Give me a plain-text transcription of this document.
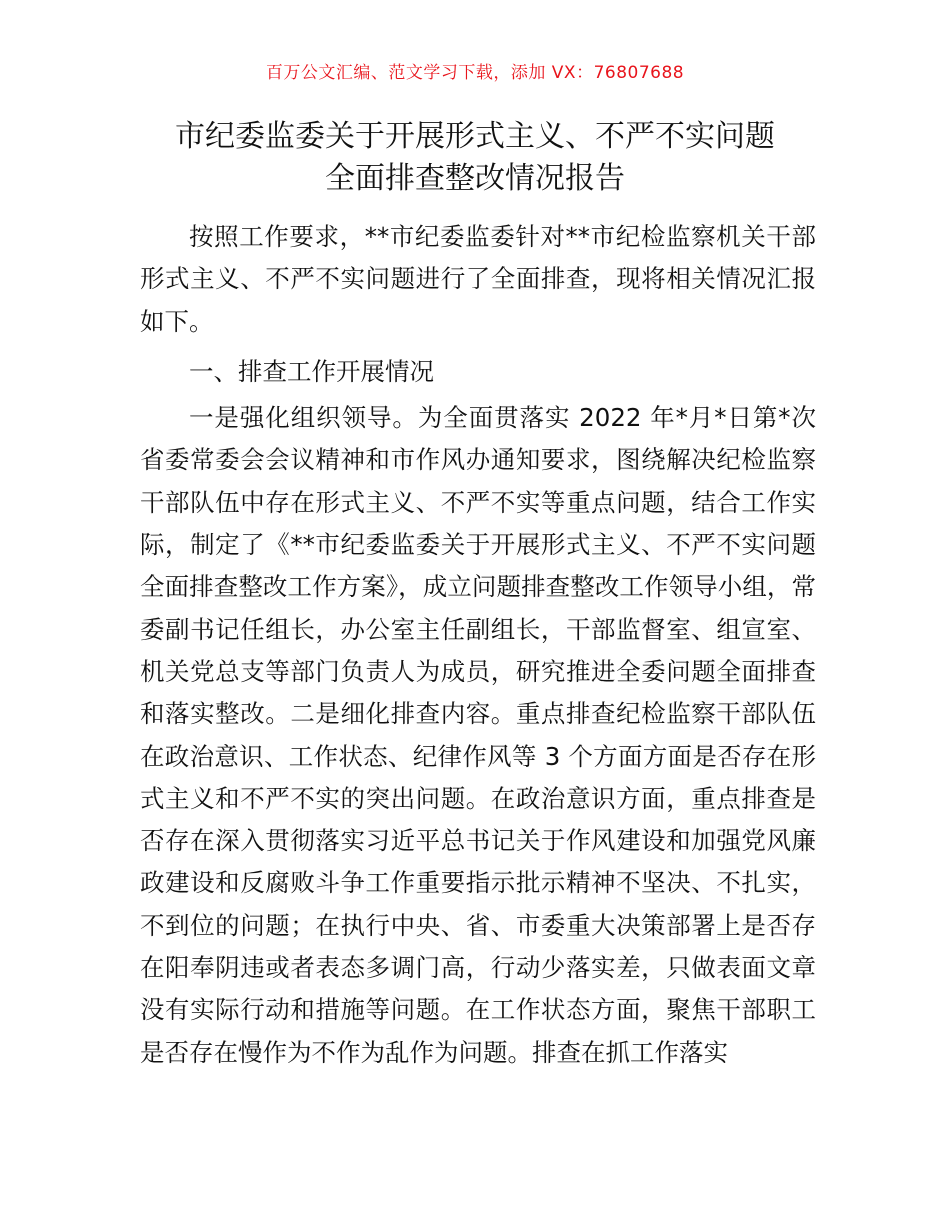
百万公文汇编、范文学习下载，添加 VX：76807688
市纪委监委关于开展形式主义、不严不实问题
全面排查整改情况报告

按照工作要求，**市纪委监委针对**市纪检监察机关干部形式主义、不严不实问题进行了全面排查，现将相关情况汇报如下。

一、排查工作开展情况

一是强化组织领导。为全面贯落实 2022 年*月*日第*次省委常委会会议精神和市作风办通知要求，图绕解决纪检监察干部队伍中存在形式主义、不严不实等重点问题，结合工作实际，制定了《**市纪委监委关于开展形式主义、不严不实问题全面排查整改工作方案》，成立问题排查整改工作领导小组，常委副书记任组长，办公室主任副组长，干部监督室、组宣室、机关党总支等部门负责人为成员，研究推进全委问题全面排查和落实整改。二是细化排查内容。重点排查纪检监察干部队伍在政治意识、工作状态、纪律作风等 3 个方面方面是否存在形式主义和不严不实的突出问题。在政治意识方面，重点排查是否存在深入贯彻落实习近平总书记关于作风建设和加强党风廉政建设和反腐败斗争工作重要指示批示精神不坚决、不扎实，不到位的问题；在执行中央、省、市委重大决策部署上是否存在阳奉阴违或者表态多调门高，行动少落实差，只做表面文章没有实际行动和措施等问题。在工作状态方面，聚焦干部职工是否存在慢作为不作为乱作为问题。排查在抓工作落实
